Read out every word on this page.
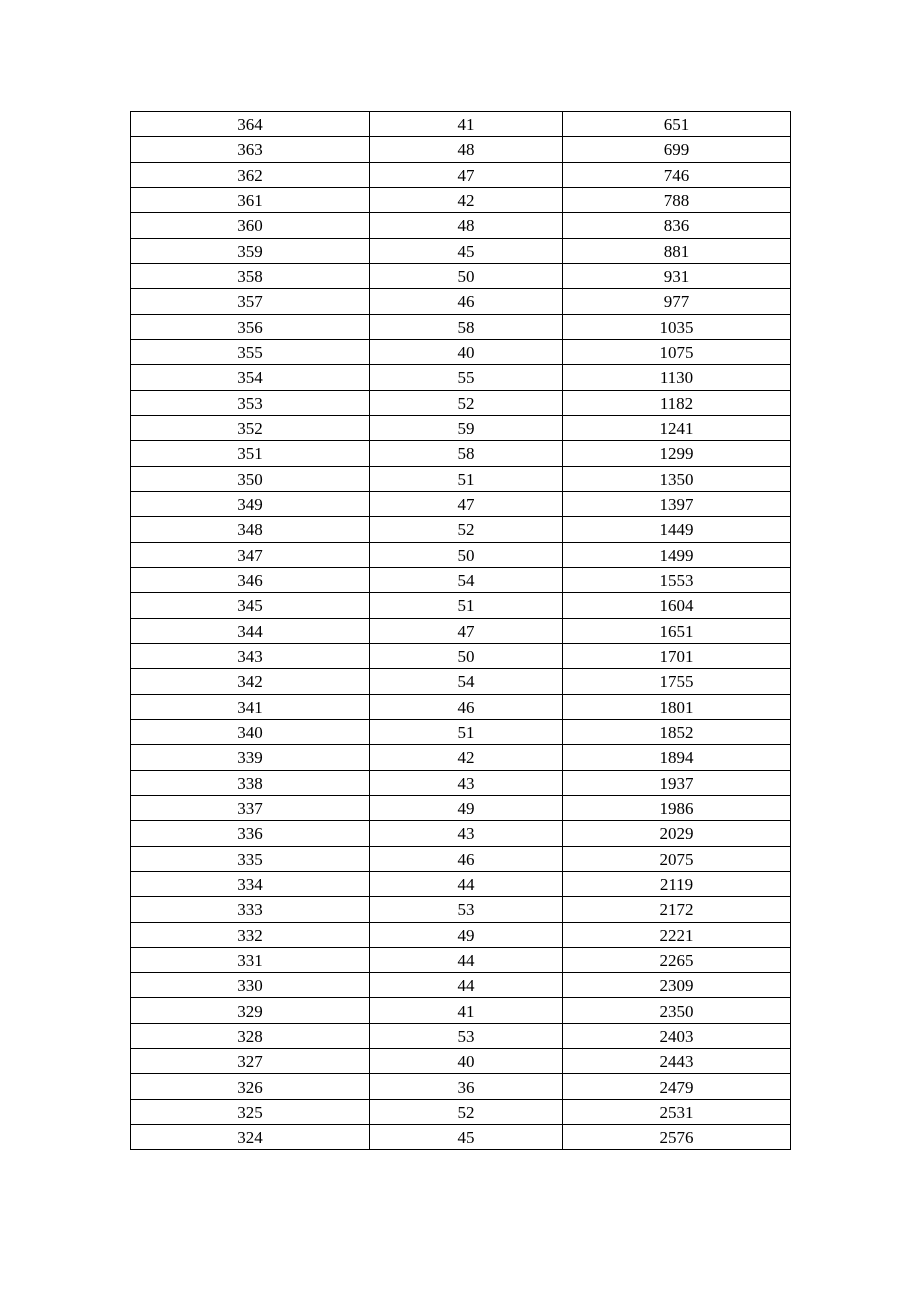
364	41	651
363	48	699
362	47	746
361	42	788
360	48	836
359	45	881
358	50	931
357	46	977
356	58	1035
355	40	1075
354	55	1130
353	52	1182
352	59	1241
351	58	1299
350	51	1350
349	47	1397
348	52	1449
347	50	1499
346	54	1553
345	51	1604
344	47	1651
343	50	1701
342	54	1755
341	46	1801
340	51	1852
339	42	1894
338	43	1937
337	49	1986
336	43	2029
335	46	2075
334	44	2119
333	53	2172
332	49	2221
331	44	2265
330	44	2309
329	41	2350
328	53	2403
327	40	2443
326	36	2479
325	52	2531
324	45	2576
